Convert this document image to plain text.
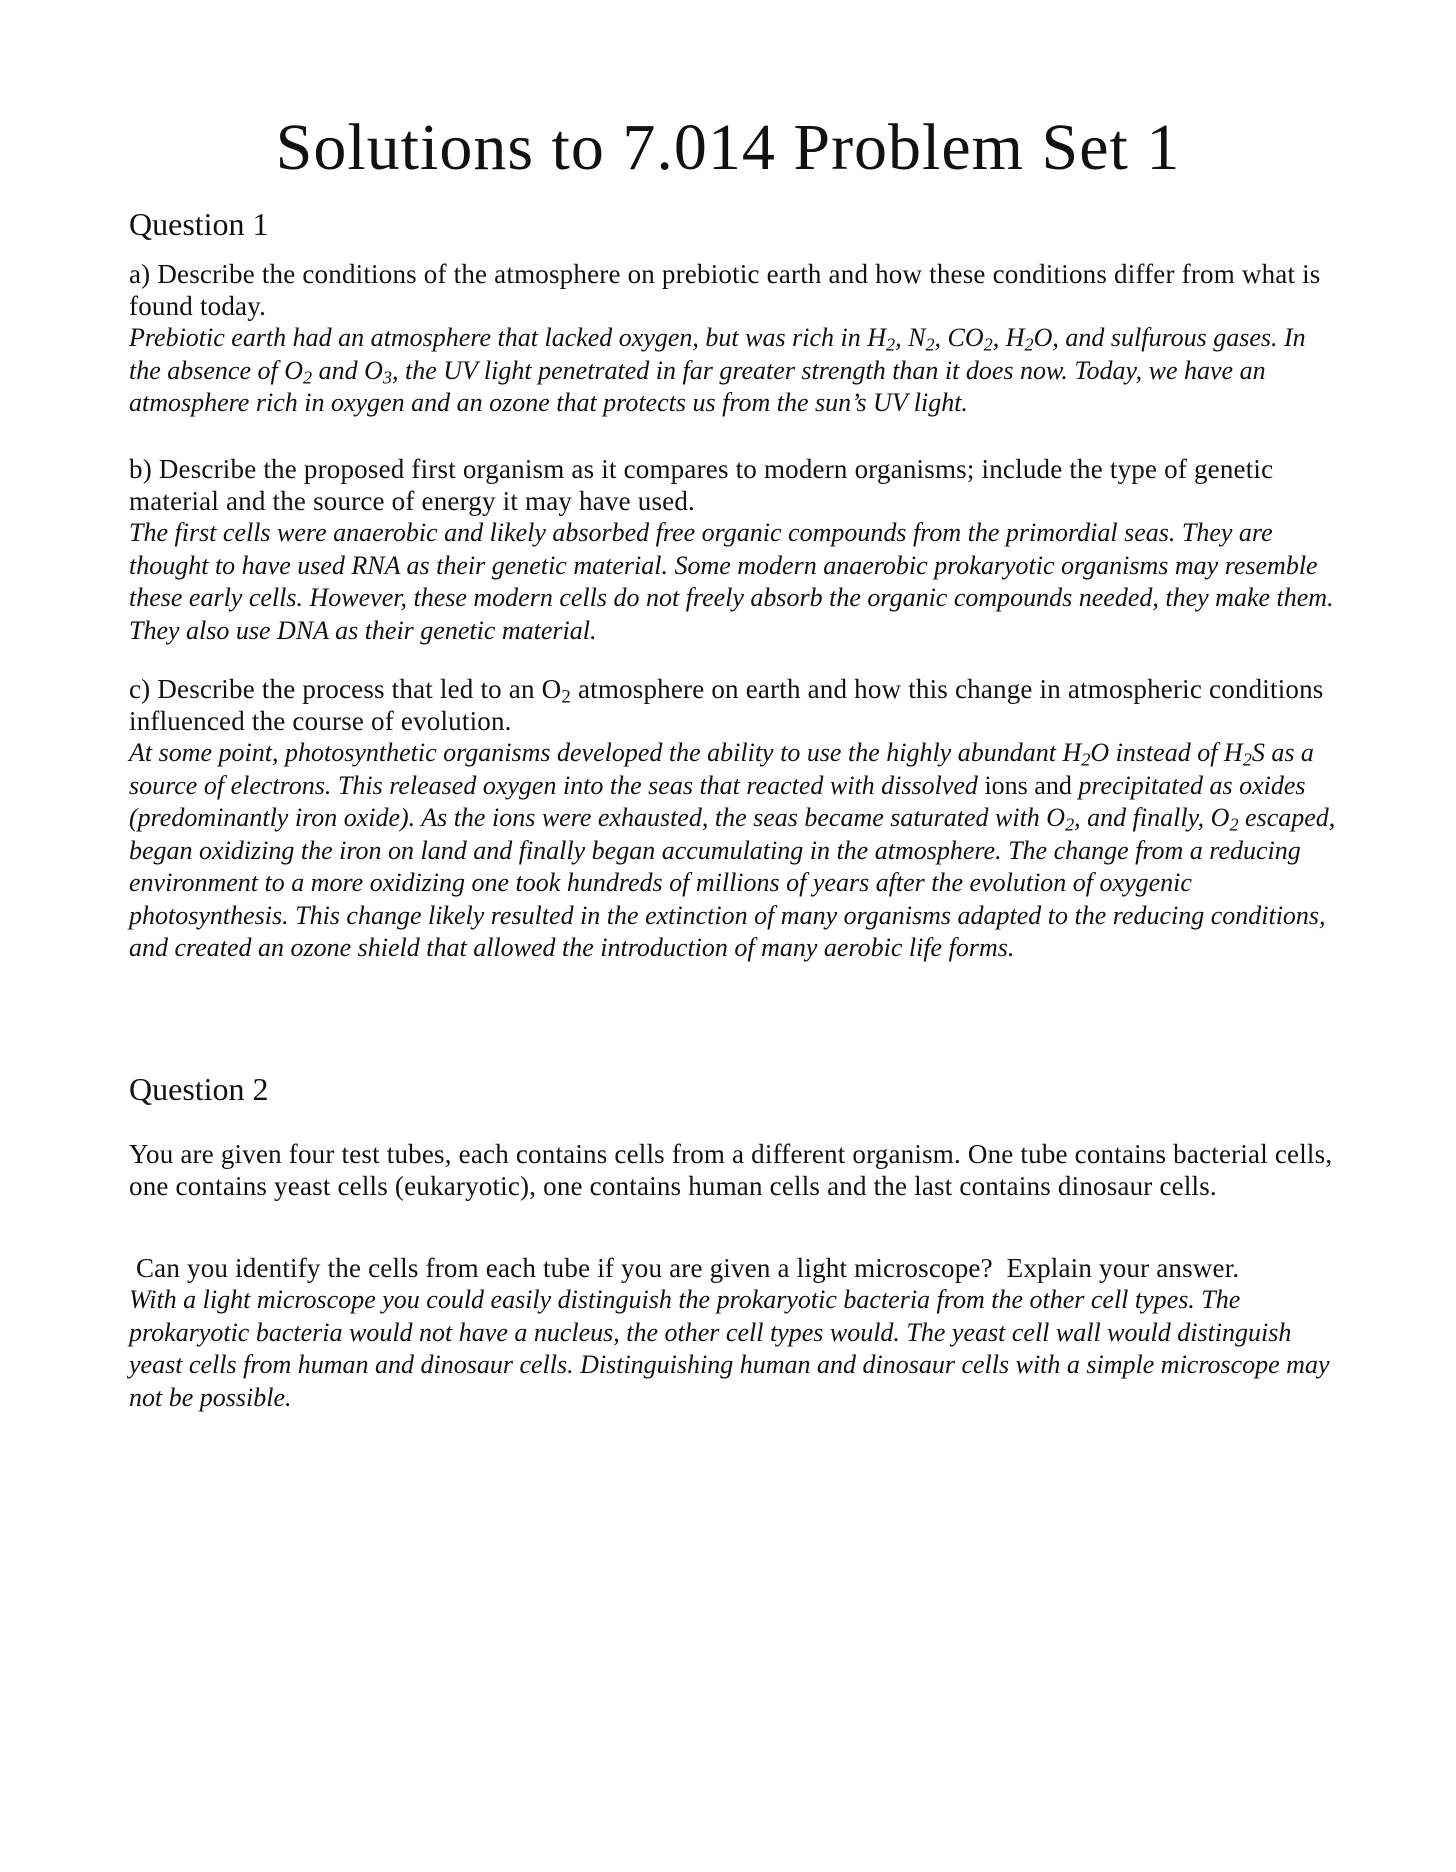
Solutions to 7.014 Problem Set 1
Question 1
a) Describe the conditions of the atmosphere on prebiotic earth and how these conditions differ from what is found today.
Prebiotic earth had an atmosphere that lacked oxygen, but was rich in $H_2$, $N_2$, $CO_2$, $H_2O$, and sulfurous gases. In the absence of $O_2$ and $O_3$, the UV light penetrated in far greater strength than it does now. Today, we have an atmosphere rich in oxygen and an ozone that protects us from the sun’s UV light.
b) Describe the proposed first organism as it compares to modern organisms; include the type of genetic material and the source of energy it may have used.
The first cells were anaerobic and likely absorbed free organic compounds from the primordial seas. They are thought to have used RNA as their genetic material. Some modern anaerobic prokaryotic organisms may resemble these early cells. However, these modern cells do not freely absorb the organic compounds needed, they make them. They also use DNA as their genetic material.
c) Describe the process that led to an $O_2$ atmosphere on earth and how this change in atmospheric conditions influenced the course of evolution.
At some point, photosynthetic organisms developed the ability to use the highly abundant $H_2O$ instead of $H_2S$ as a source of electrons. This released oxygen into the seas that reacted with dissolved ions and precipitated as oxides (predominantly iron oxide). As the ions were exhausted, the seas became saturated with $O_2$, and finally, $O_2$ escaped, began oxidizing the iron on land and finally began accumulating in the atmosphere. The change from a reducing environment to a more oxidizing one took hundreds of millions of years after the evolution of oxygenic photosynthesis. This change likely resulted in the extinction of many organisms adapted to the reducing conditions, and created an ozone shield that allowed the introduction of many aerobic life forms.
Question 2
You are given four test tubes, each contains cells from a different organism. One tube contains bacterial cells, one contains yeast cells (eukaryotic), one contains human cells and the last contains dinosaur cells.
Can you identify the cells from each tube if you are given a light microscope?  Explain your answer.
With a light microscope you could easily distinguish the prokaryotic bacteria from the other cell types. The prokaryotic bacteria would not have a nucleus, the other cell types would. The yeast cell wall would distinguish yeast cells from human and dinosaur cells. Distinguishing human and dinosaur cells with a simple microscope may not be possible.
